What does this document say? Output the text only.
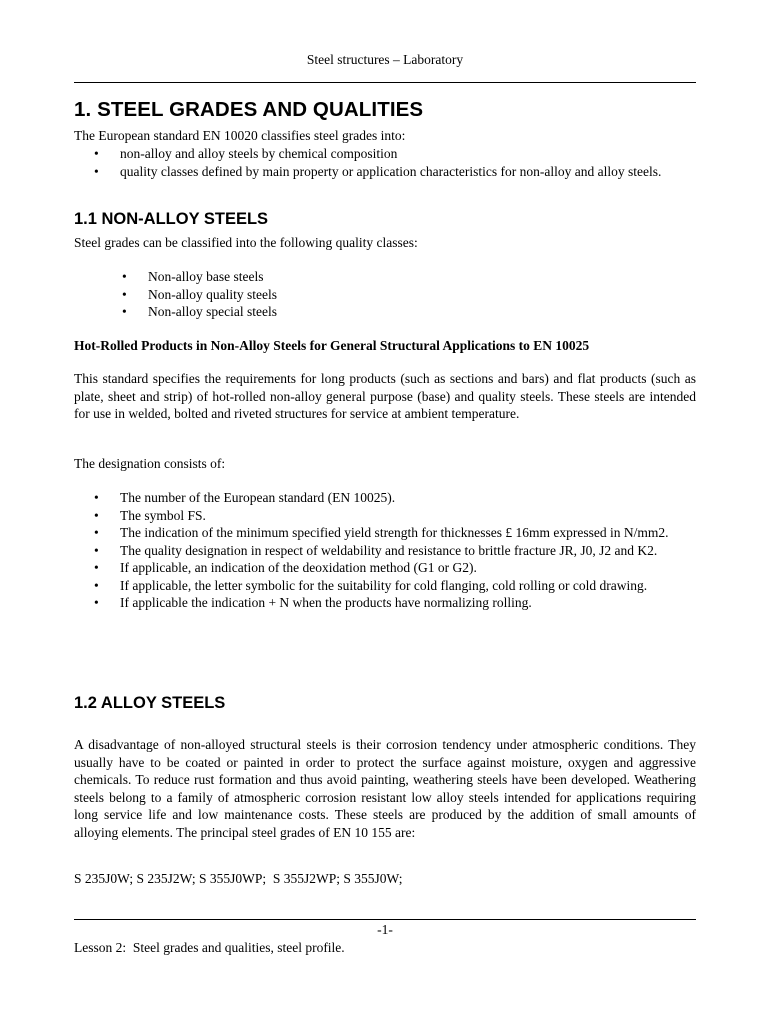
Steel structures – Laboratory
1. STEEL GRADES AND QUALITIES

The European standard EN 10020 classifies steel grades into:

• non-alloy and alloy steels by chemical composition
• quality classes defined by main property or application characteristics for non-alloy and alloy steels.
1.1 NON-ALLOY STEELS

Steel grades can be classified into the following quality classes:

• Non-alloy base steels
• Non-alloy quality steels
• Non-alloy special steels

Hot-Rolled Products in Non-Alloy Steels for General Structural Applications to EN 10025

This standard specifies the requirements for long products (such as sections and bars) and flat products (such as plate, sheet and strip) of hot-rolled non-alloy general purpose (base) and quality steels. These steels are intended for use in welded, bolted and riveted structures for service at ambient temperature.

The designation consists of:

• The number of the European standard (EN 10025).
• The symbol FS.
• The indication of the minimum specified yield strength for thicknesses £ 16mm expressed in N/mm2.
• The quality designation in respect of weldability and resistance to brittle fracture JR, J0, J2 and K2.
• If applicable, an indication of the deoxidation method (G1 or G2).
• If applicable, the letter symbolic for the suitability for cold flanging, cold rolling or cold drawing.
• If applicable the indication + N when the products have normalizing rolling.
1.2 ALLOY STEELS

A disadvantage of non-alloyed structural steels is their corrosion tendency under atmospheric conditions. They usually have to be coated or painted in order to protect the surface against moisture, oxygen and aggressive chemicals. To reduce rust formation and thus avoid painting, weathering steels have been developed. Weathering steels belong to a family of atmospheric corrosion resistant low alloy steels intended for applications requiring long service life and low maintenance costs. These steels are produced by the addition of small amounts of alloying elements. The principal steel grades of EN 10 155 are:

S 235J0W; S 235J2W; S 355J0WP;  S 355J2WP; S 355J0W;

-1-
Lesson 2:  Steel grades and qualities, steel profile.
